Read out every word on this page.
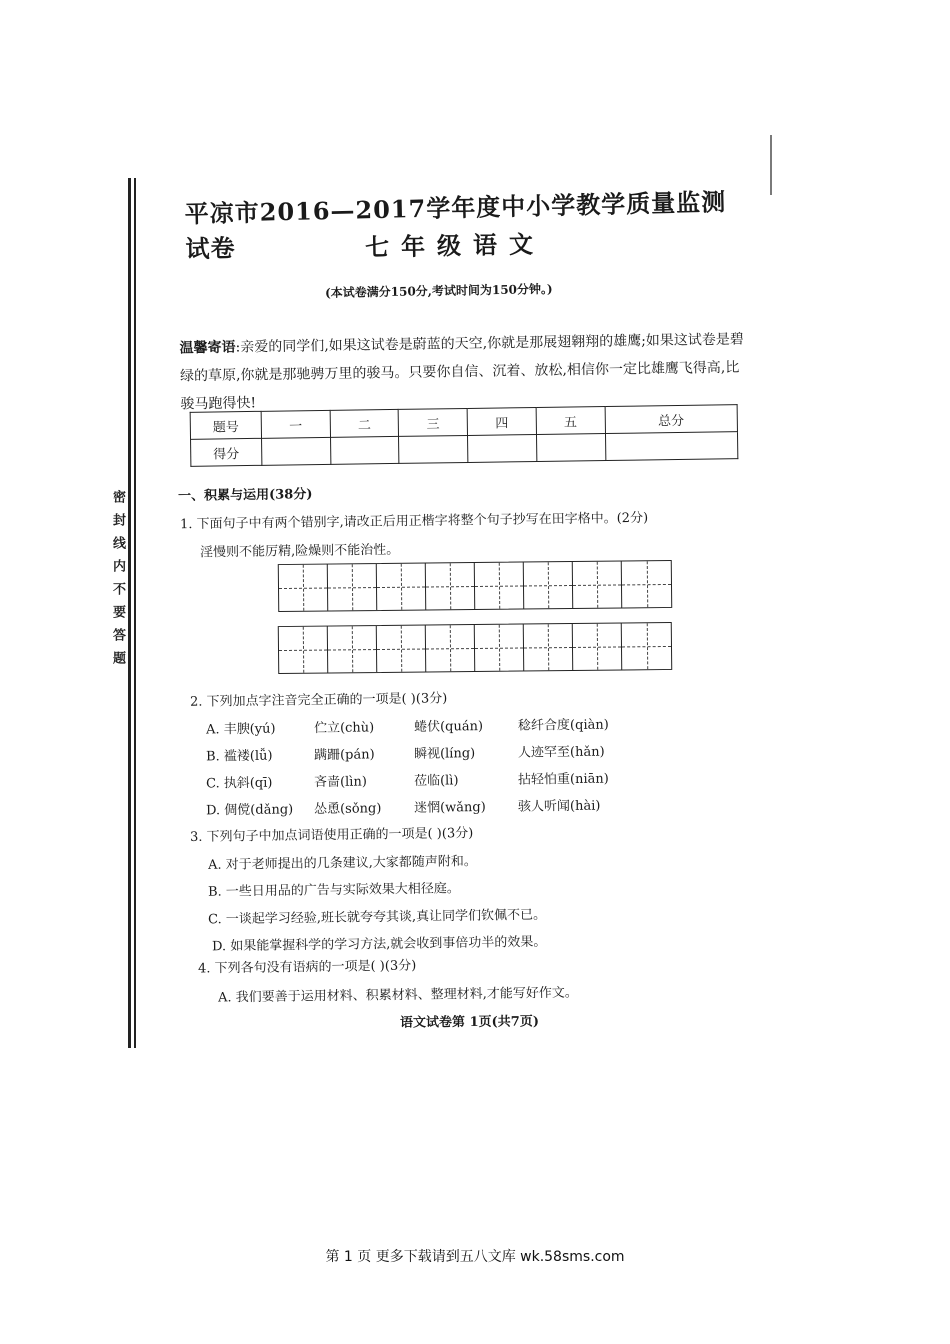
密封线内不要答题
平凉市2016—2017学年度中小学教学质量监测试卷	七年级语文
(本试卷满分150分,考试时间为150分钟。)
温馨寄语:亲爱的同学们,如果这试卷是蔚蓝的天空,你就是那展翅翱翔的雄鹰;如果这试卷是碧绿的草原,你就是那驰骋万里的骏马。只要你自信、沉着、放松,相信你一定比雄鹰飞得高,比骏马跑得快!
题号	一	二	三	四	五	总分
得分						
一、积累与运用(38分)
1. 下面句子中有两个错别字,请改正后用正楷字将整个句子抄写在田字格中。(2分)
淫慢则不能厉精,险燥则不能治性。
2. 下列加点字注音完全正确的一项是( )(3分)
A. 丰腴(yú)	伫立(chù)	蜷伏(quán)	稔纤合度(qiàn)
B. 褴褛(lǚ)	蹒跚(pán)	瞬视(líng)	人迹罕至(hǎn)
C. 执斜(qī)	吝啬(lìn)	莅临(lì)	拈轻怕重(niān)
D. 倜傥(dǎng) 怂恿(sǒng) 迷惘(wǎng) 骇人听闻(hài)
3. 下列句子中加点词语使用正确的一项是( )(3分)
A. 对于老师提出的几条建议,大家都随声附和。
B. 一些日用品的广告与实际效果大相径庭。
C. 一谈起学习经验,班长就夸夸其谈,真让同学们钦佩不已。
D. 如果能掌握科学的学习方法,就会收到事倍功半的效果。
4. 下列各句没有语病的一项是( )(3分)
A. 我们要善于运用材料、积累材料、整理材料,才能写好作文。
语文试卷第 1页(共7页)
第 1 页 更多下载请到五八文库 wk.58sms.com
